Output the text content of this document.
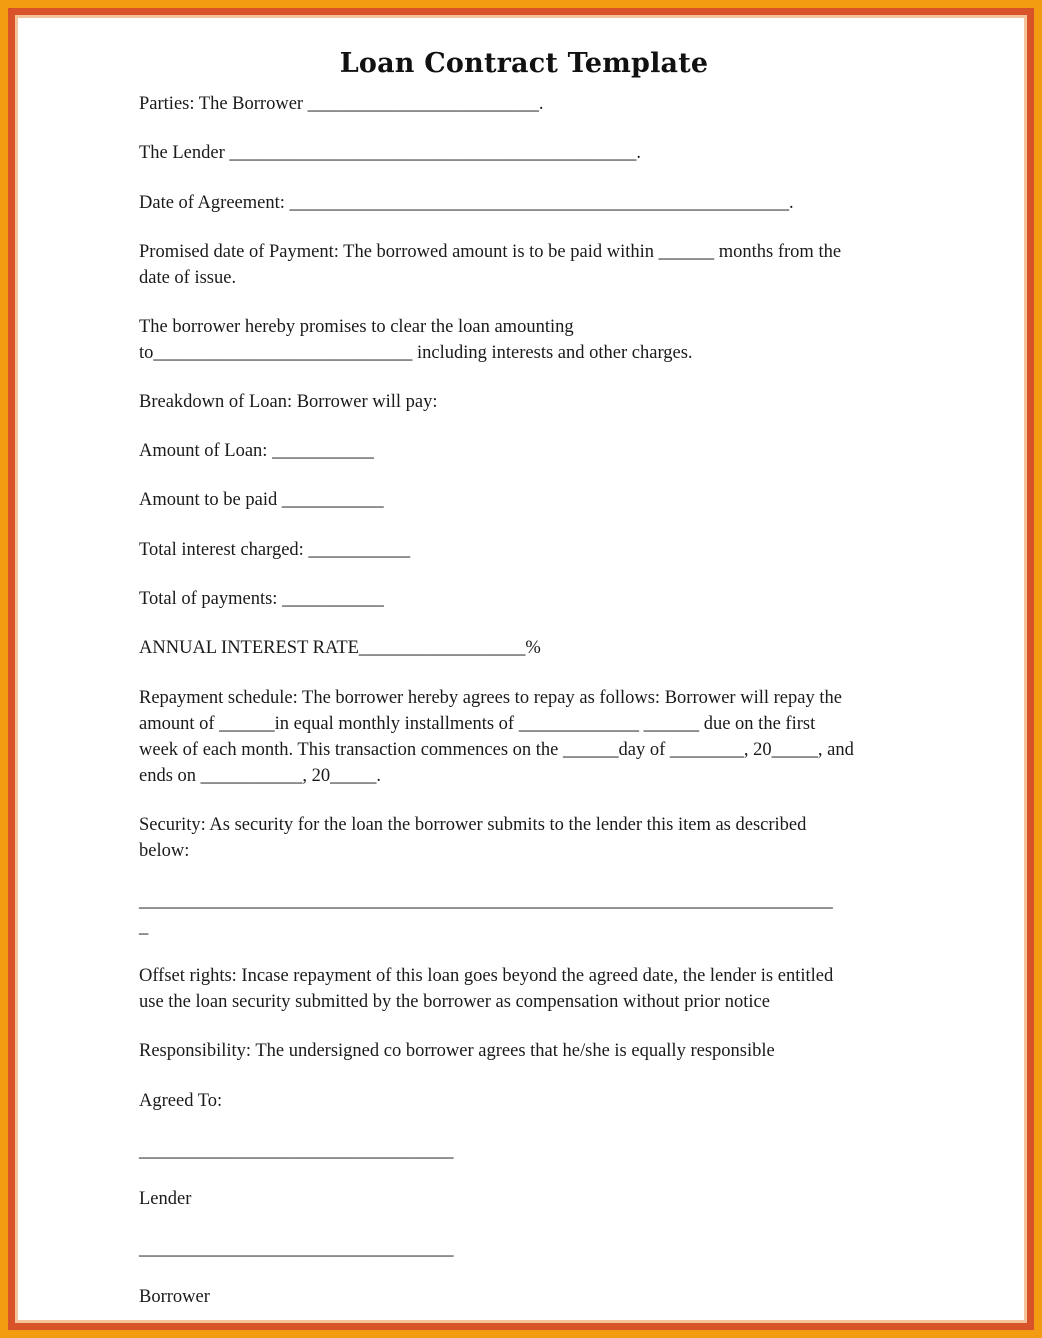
Loan Contract Template
Parties: The Borrower _________________________.
The Lender ____________________________________________.
Date of Agreement: ______________________________________________________.
Promised date of Payment: The borrowed amount is to be paid within ______ months from the
date of issue.
The borrower hereby promises to clear the loan amounting
to____________________________ including interests and other charges.
Breakdown of Loan: Borrower will pay:
Amount of Loan: ___________
Amount to be paid ___________
Total interest charged: ___________
Total of payments: ___________
ANNUAL INTEREST RATE__________________%
Repayment schedule: The borrower hereby agrees to repay as follows: Borrower will repay the
amount of ______in equal monthly installments of _____________ ______ due on the first
week of each month. This transaction commences on the ______day of ________, 20_____, and
ends on ___________, 20_____.
Security: As security for the loan the borrower submits to the lender this item as described
below:
___________________________________________________________________________
_
Offset rights: Incase repayment of this loan goes beyond the agreed date, the lender is entitled
use the loan security submitted by the borrower as compensation without prior notice
Responsibility: The undersigned co borrower agrees that he/she is equally responsible
Agreed To:
__________________________________
Lender
__________________________________
Borrower
